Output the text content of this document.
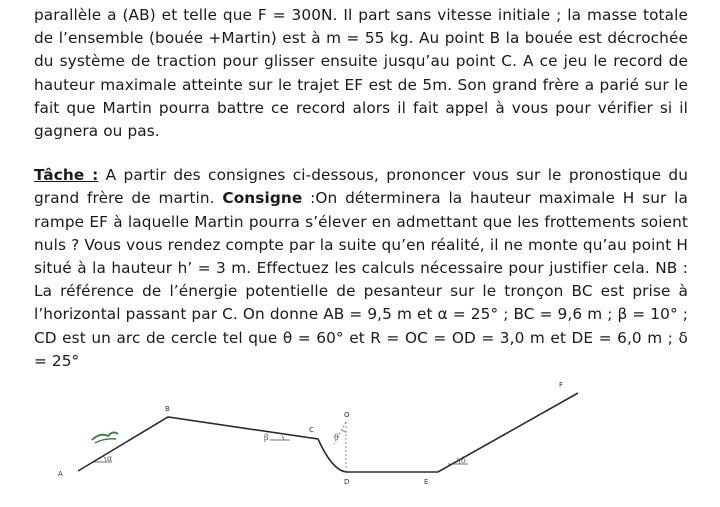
parallèle a (AB) et telle que F = 300N. Il part sans vitesse initiale ; la masse totale de l’ensemble (bouée +Martin) est à m = 55 kg. Au point B la bouée est décrochée du système de traction pour glisser ensuite jusqu’au point C. A ce jeu le record de hauteur maximale atteinte sur le trajet EF est de 5m. Son grand frère a parié sur le fait que Martin pourra battre ce record alors il fait appel à vous pour vérifier si il gagnera ou pas.

Tâche : A partir des consignes ci-dessous, prononcer vous sur le pronostique du grand frère de martin. Consigne :On déterminera la hauteur maximale H sur la rampe EF à laquelle Martin pourra s’élever en admettant que les frottements soient nuls ? Vous vous rendez compte par la suite qu’en réalité, il ne monte qu’au point H situé à la hauteur h’ = 3 m. Effectuez les calculs nécessaire pour justifier cela. NB : La référence de l’énergie potentielle de pesanteur sur le tronçon BC est prise à l’horizontal passant par C. On donne AB = 9,5 m et α = 25° ; BC = 9,6 m ; β = 10° ; CD est un arc de cercle tel que θ = 60° et R = OC = OD = 3,0 m et DE = 6,0 m ; δ = 25°

A
B
C
O
D	E
F
α
β	θ
δ
